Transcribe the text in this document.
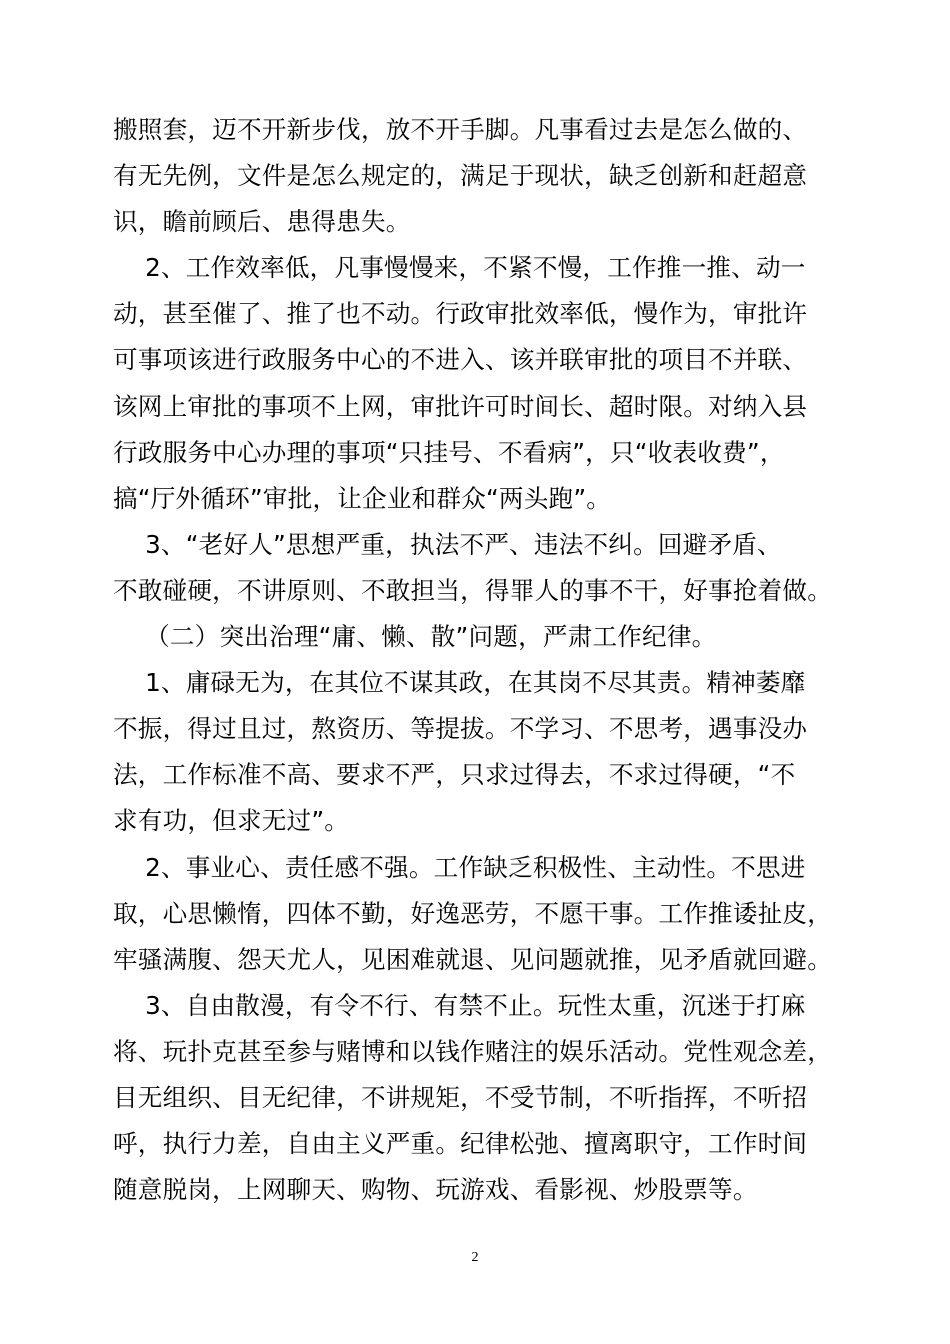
搬照套，迈不开新步伐，放不开手脚。凡事看过去是怎么做的、
有无先例，文件是怎么规定的，满足于现状，缺乏创新和赶超意
识，瞻前顾后、患得患失。
2、工作效率低，凡事慢慢来，不紧不慢，工作推一推、动一
动，甚至催了、推了也不动。行政审批效率低，慢作为，审批许
可事项该进行政服务中心的不进入、该并联审批的项目不并联、
该网上审批的事项不上网，审批许可时间长、超时限。对纳入县
行政服务中心办理的事项“只挂号、不看病”，只“收表收费”，
搞“厅外循环”审批，让企业和群众“两头跑”。
3、“老好人”思想严重，执法不严、违法不纠。回避矛盾、
不敢碰硬，不讲原则、不敢担当，得罪人的事不干，好事抢着做。
（二）突出治理“庸、懒、散”问题，严肃工作纪律。
1、庸碌无为，在其位不谋其政，在其岗不尽其责。精神萎靡
不振，得过且过，熬资历、等提拔。不学习、不思考，遇事没办
法，工作标准不高、要求不严，只求过得去，不求过得硬，“不
求有功，但求无过”。
2、事业心、责任感不强。工作缺乏积极性、主动性。不思进
取，心思懒惰，四体不勤，好逸恶劳，不愿干事。工作推诿扯皮，
牢骚满腹、怨天尤人，见困难就退、见问题就推，见矛盾就回避。
3、自由散漫，有令不行、有禁不止。玩性太重，沉迷于打麻
将、玩扑克甚至参与赌博和以钱作赌注的娱乐活动。党性观念差，
目无组织、目无纪律，不讲规矩，不受节制，不听指挥，不听招
呼，执行力差，自由主义严重。纪律松弛、擅离职守，工作时间
随意脱岗，上网聊天、购物、玩游戏、看影视、炒股票等。
2
